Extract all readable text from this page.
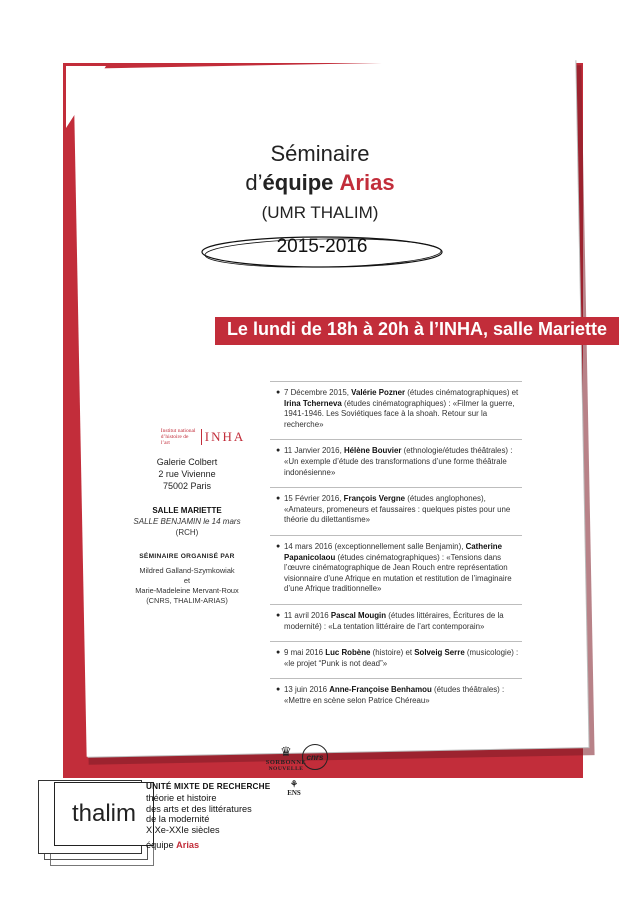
Séminaire
d’équipe Arias
(UMR THALIM)
2015-2016
Le lundi de 18h à 20h à l’INHA, salle Mariette
Institut national d’histoire de l’art	INHA
Galerie Colbert
2 rue Vivienne
75002 Paris
SALLE MARIETTE
SALLE BENJAMIN le 14 mars
(RCH)
SÉMINAIRE ORGANISÉ PAR
Mildred Galland-Szymkowiak
et
Marie-Madeleine Mervant-Roux
(CNRS, THALIM-ARIAS)
● 7 Décembre 2015, Valérie Pozner (études cinématographiques) et Irina Tcherneva (études cinématographiques) : «Filmer la guerre, 1941-1946. Les Soviétiques face à la shoah. Retour sur la recherche»
● 11 Janvier 2016, Hélène Bouvier (ethnologie/études théâtrales) : «Un exemple d’étude des transformations d’une forme théâtrale indonésienne»
● 15 Février 2016, François Vergne (études anglophones), «Amateurs, promeneurs et faussaires : quelques pistes pour une théorie du dilettantisme»
● 14 mars 2016 (exceptionnellement salle Benjamin), Catherine Papanicolaou (études cinématographiques) : «Tensions dans l’œuvre cinématographique de Jean Rouch entre représentation visionnaire d’une Afrique en mutation et restitution de l’imaginaire d’une Afrique traditionnelle»
● 11 avril 2016 Pascal Mougin (études littéraires, Écritures de la modernité) : «La tentation littéraire de l’art contemporain»
● 9 mai 2016 Luc Robène (histoire) et Solveig Serre (musicologie) : «le projet “Punk is not dead”»
● 13 juin 2016 Anne-Françoise Benhamou (études théâtrales) : «Mettre en scène selon Patrice Chéreau»
thalim
UNITÉ MIXTE DE RECHERCHE
théorie et histoire
des arts et des littératures
de la modernité
XIXe-XXIe siècles
équipe Arias
♛
SORBONNE
NOUVELLE
cnrs
⚘
ENS
